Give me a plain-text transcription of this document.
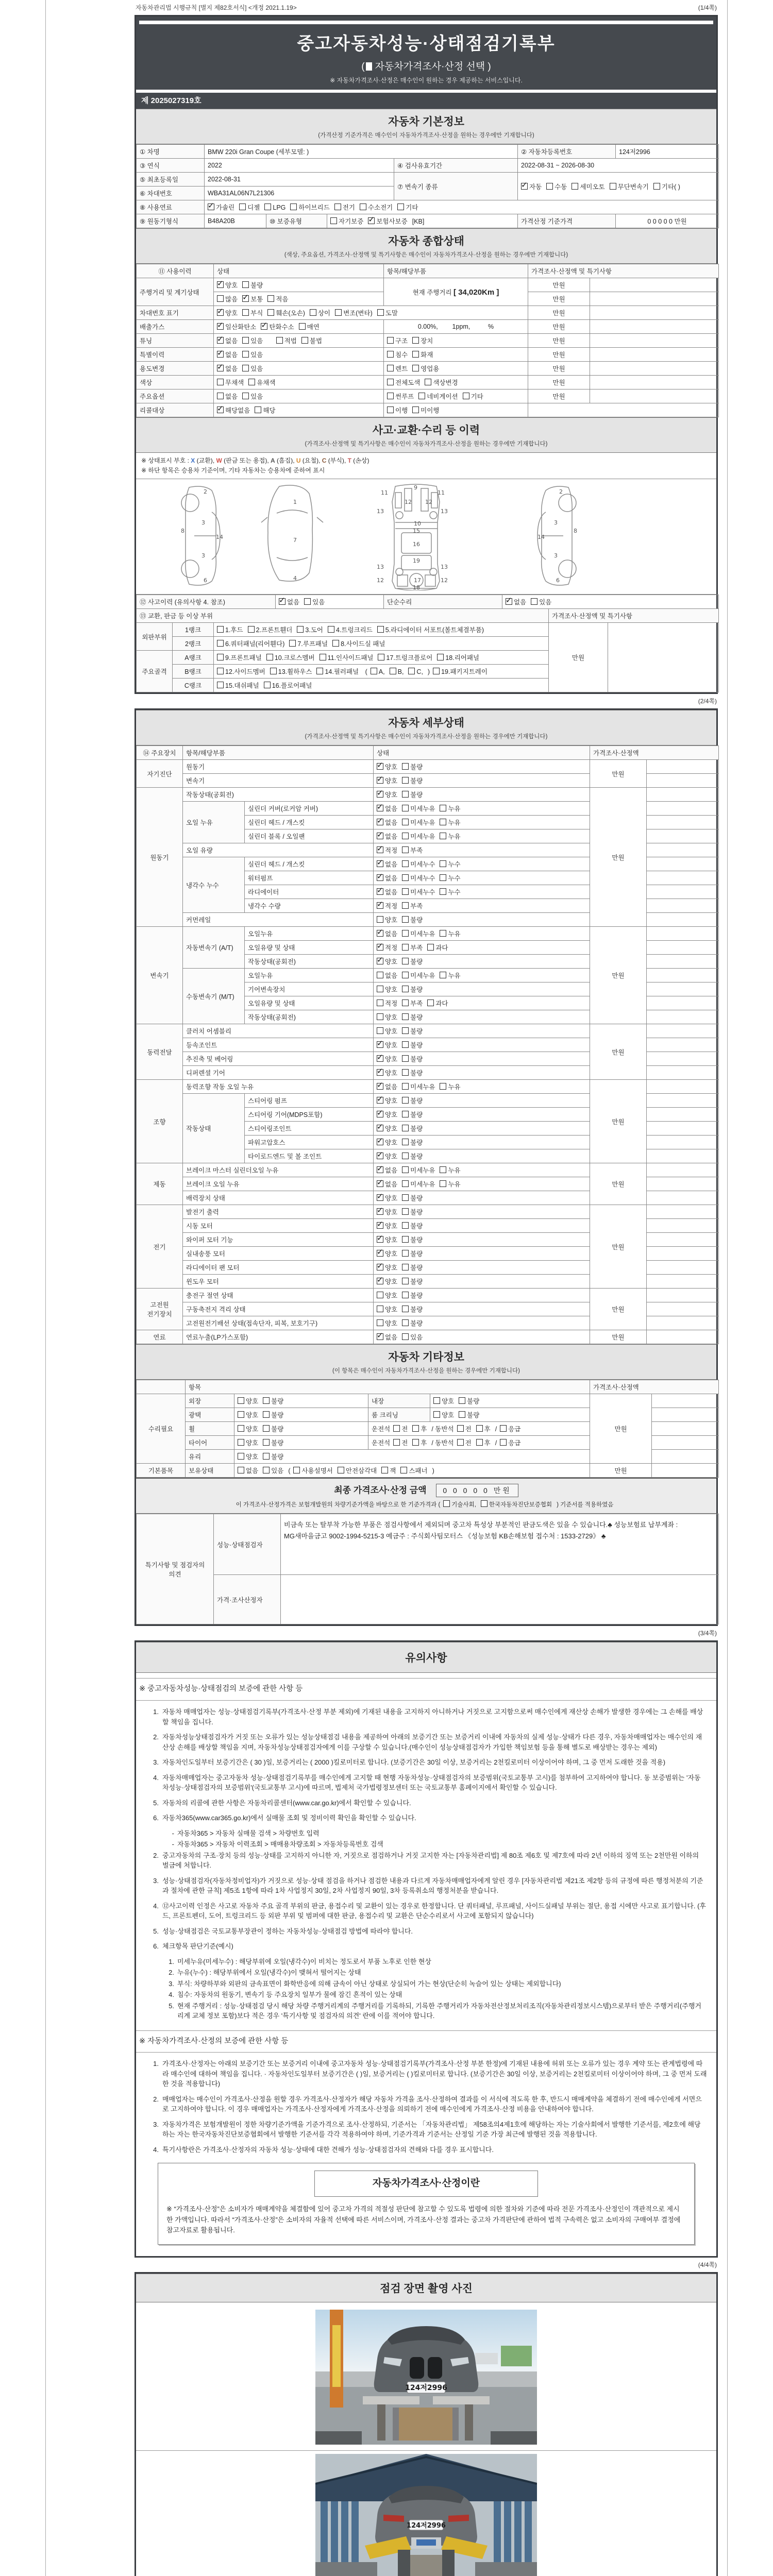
자동차관리법 시행규칙 [별지 제82호서식] <개정 2021.1.19>	(1/4쪽)
중고자동차성능·상태점검기록부
( 자동차가격조사·산정 선택 )
※ 자동차가격조사·산정은 매수인이 원하는 경우 제공하는 서비스입니다.
제 2025027319호
자동차 기본정보
(가격산정 기준가격은 매수인이 자동차가격조사·산정을 원하는 경우에만 기재합니다)
① 차명	BMW 220i Gran Coupe (세부모델: )		② 자동차등록번호	124저2996
③ 연식	2022	④ 검사유효기간	2022-08-31 ~ 2026-08-30	
⑤ 최초등록일	2022-08-31	⑦ 변속기 종류	✓자동 수동 세미오토 무단변속기 기타( )
⑥ 차대번호	WBA31AL06N7L21306			
⑧ 사용연료	✓가솔린 디젤 LPG 하이브리드 전기 수소전기 기타
⑨ 원동기형식	B48A20B	⑩ 보증유형	자기보증 ✓ 보험사보증 [KB]	가격산정 기준가격	0 0 0 0 0 만원
자동차 종합상태
(색상, 주요옵션, 가격조사·산정액 및 특기사항은 매수인이 자동차가격조사·산정을 원하는 경우에만 기재합니다)
⑪ 사용이력	상태	항목/해당부품	가격조사·산정액 및 특기사항	
주행거리 및 계기상태	✓양호 불량	현재 주행거리 [ 34,020Km ]	만원	
	많음 ✓ 보통 적음		만원	
차대번호 표기	✓양호 부식 훼손(오손) 상이 변조(변타) 도말		만원	
배출가스	✓일산화탄소 ✓ 탄화수소 매연	0.00%,        1ppm,          %	만원	
튜닝	✓없음 있음 적법 불법	구조 장치	만원	
특별이력	✓없음 있음	침수 화재	만원	
용도변경	✓없음 있음	렌트 영업용	만원	
색상	무채색 유채색	전체도색 색상변경	만원	
주요옵션	없음 있음	썬루프 네비게이션 기타	만원	
리콜대상	✓해당없음 해당	이행 미이행		
사고·교환·수리 등 이력
(가격조사·산정액 및 특기사항은 매수인이 자동차가격조사·산정을 원하는 경우에만 기재합니다)
※ 상태표시 부호 : X (교환), W (판금 또는 용접), A (흠집), U (요철), C (부식), T (손상)
※ 하단 항목은 승용차 기준이며, 기타 자동차는 승용차에 준하여 표시
2
8
3
3
14
6
1
7
4
11	11
13	13
12 12
9
10
15
16
19
13	13
12	12
17
18
2
8
3
3
14
6
⑫ 사고이력 (유의사항 4. 참조)	✓없음 있음	단순수리	✓없음 있음
⑬ 교환, 판금 등 이상 부위	가격조사·산정액 및 특기사항
외판부위	1랭크	1.후드 2.프론트휀더 3.도어 4.트렁크리드 5.라디에이터 서포트(볼트체결부품)	만원	
	2랭크	6.쿼터패널(리어휀다) 7.루프패널 8.사이드실 패널		
주요골격	A랭크	9.프론트패널 10.크로스멤버 11.인사이드패널 17.트렁크플로어 18.리어패널		
	B랭크	12.사이드멤버 13.휠하우스 14.필러패널 ( A, B, C, ) 19.패키지트레이		
	C랭크	15.대쉬패널 16.플로어패널		
(2/4쪽)
자동차 세부상태
(가격조사·산정액 및 특기사항은 매수인이 자동차가격조사·산정을 원하는 경우에만 기재합니다)
⑭ 주요장치	항목/해당부품		상태	가격조사·산정액	
자기진단	원동기	✓양호 불량	만원	
	변속기	✓양호 불량	
원동기	작동상태(공회전)	✓양호 불량	만원	
	오일 누유	실린더 커버(로커암 커버)	✓없음 미세누유 누유	
		실린더 헤드 / 개스킷	✓없음 미세누유 누유	
		실린더 블록 / 오일팬	✓없음 미세누유 누유	
	오일 유량	✓적정 부족	
	냉각수 누수	실린더 헤드 / 개스킷	✓없음 미세누수 누수	
		워터펌프	✓없음 미세누수 누수	
		라디에이터	✓없음 미세누수 누수	
		냉각수 수량	✓적정 부족	
	커먼레일		양호 불량		
변속기	자동변속기 (A/T)	오일누유	✓없음 미세누유 누유	만원	
		오일유량 및 상태	✓적정 부족 과다	
		작동상태(공회전)	✓양호 불량	
	수동변속기 (M/T)	오일누유	없음 미세누유 누유		
		기어변속장치	양호 불량		
		오일유량 및 상태	적정 부족 과다		
		작동상태(공회전)	양호 불량		
동력전달	클러치 어셈블리		양호 불량	만원	
	등속조인트	✓양호 불량	
	추진축 및 베어링	✓양호 불량	
	디퍼렌셜 기어	✓양호 불량	
조향	동력조향 작동 오일 누유	✓없음 미세누유 누유	만원	
	작동상태	스티어링 펌프	✓양호 불량	
		스티어링 기어(MDPS포함)	✓양호 불량	
		스티어링조인트	✓양호 불량	
		파워고압호스	✓양호 불량	
		타이로드엔드 및 볼 조인트	✓양호 불량	
제동	브레이크 마스터 실린더오일 누유	✓없음 미세누유 누유	만원	
	브레이크 오일 누유	✓없음 미세누유 누유	
	배력장치 상태	✓양호 불량	
전기	발전기 출력	✓양호 불량	만원	
	시동 모터	✓양호 불량	
	와이퍼 모터 기능	✓양호 불량	
	실내송풍 모터	✓양호 불량	
	라디에이터 팬 모터	✓양호 불량	
	윈도우 모터	✓양호 불량	
고전원 전기장치	충전구 절연 상태		양호 불량	만원	
	구동축전지 격리 상태		양호 불량		
	고전원전기배선 상태(접속단자, 피복, 보호기구)		양호 불량		
연료	연료누출(LP가스포함)	✓없음 있음	만원	
자동차 기타정보
(이 항목은 매수인이 자동차가격조사·산정을 원하는 경우에만 기재합니다)
	항목				가격조사·산정액	
수리필요	외장	양호 불량	내장	양호 불량	만원	
	광택	양호 불량	룸 크리닝	양호 불량		
	휠	양호 불량	운전석 전 후 / 동반석 전 후 / 응급			
	타이어	양호 불량	운전석 전 후 / 동반석 전 후 / 응급			
	유리	양호 불량				
기본품목	보유상태	없음 있음 ( 사용설명서 안전삼각대 잭 스패너 )			만원	
최종 가격조사·산정 금액 0 0 0 0 0 만원
이 가격조사·산정가격은 보험개발원의 차량기준가액을 바탕으로 한 기준가격과 ( 기술사회, 한국자동차진단보증협회 ) 기준서를 적용하였음
특기사항 및 점검자의 의견	성능·상태점검자	비금속 또는 탈부착 가능한 부품은 점검사항에서 제외되며 중고차 특성상 부분적인 판금도색은 있을 수 있습니다.♣ 성능보험료 납부계좌 : MG새마을금고 9002-1994-5215-3 예금주 : 주식회사팀모터스 《성능보험 KB손해보험 접수처 : 1533-2729》 ♣
	가격·조사산정자	
(3/4쪽)
유의사항
※ 중고자동차성능·상태점검의 보증에 관한 사항 등
1. 자동차 매매업자는 성능·상태점검기록부(가격조사·산정 부분 제외)에 기재된 내용을 고지하지 아니하거나 거짓으로 고지함으로써 매수인에게 재산상 손해가 발생한 경우에는 그 손해를 배상할 책임을 집니다.
2. 자동차성능상태점검자가 거짓 또는 오류가 있는 성능상태점검 내용을 제공하여 아래의 보증기간 또는 보증거리 이내에 자동차의 실제 성능·상태가 다른 경우, 자동차매매업자는 매수인의 재산상 손해를 배상할 책임을 지며, 자동차성능상태점검자에게 이를 구상할 수 있습니다.(매수인이 성능상태점검자가 가입한 책임보험 등을 통해 별도로 배상받는 경우는 제외)
3. 자동차인도일부터 보증기간은 ( 30 )일, 보증거리는 ( 2000 )킬로미터로 합니다. (보증기간은 30일 이상, 보증거리는 2천킬로미터 이상이어야 하며, 그 중 먼저 도래한 것을 적용)
4. 자동차매매업자는 중고자동차 성능·상태점검기록부를 매수인에게 고지할 때 현행 자동차성능·상태점검자의 보증범위(국토교통부 고시)를 첨부하여 고지하여야 합니다. 동 보증범위는 '자동차성능·상태점검자의 보증범위'(국토교통부 고시)에 따르며, 법제처 국가법령정보센터 또는 국토교통부 홈페이지에서 확인할 수 있습니다.
5. 자동차의 리콜에 관한 사항은 자동차리콜센터(www.car.go.kr)에서 확인할 수 있습니다.
6. 자동차365(www.car365.go.kr)에서 실매물 조회 및 정비이력 확인을 확인할 수 있습니다.
- 자동차365 > 자동차 실매물 검색 > 차량번호 입력
- 자동차365 > 자동차 이력조회 > 매매용차량조회 > 자동차등록번호 검색
2. 중고자동차의 구조·장치 등의 성능·상태를 고지하지 아니한 자, 거짓으로 점검하거나 거짓 고지한 자는 [자동차관리법] 제 80조 제6호 및 제7호에 따라 2년 이하의 징역 또는 2천만원 이하의 벌금에 처합니다.
3. 성능·상태점검자(자동차정비업자)가 거짓으로 성능·상태 점검을 하거나 점검한 내용과 다르게 자동차매매업자에게 알린 경우 [자동차관리법 제21조 제2항 등의 규정에 따른 행정처분의 기준과 절차에 관한 규칙] 제5조 1항에 따라 1차 사업정지 30일, 2차 사업정지 90일, 3차 등록취소의 행정처분을 받습니다.
4. ⑫사고이력 인정은 사고로 자동차 주요 골격 부위의 판금, 용접수리 및 교환이 있는 경우로 한정합니다. 단 쿼터패널, 루프패널, 사이드실패널 부위는 절단, 용접 시에만 사고로 표기합니다. (후드, 프론트펜더, 도어, 트렁크리드 등 외판 부위 및 범퍼에 대한 판금, 용접수리 및 교환은 단순수리로서 사고에 포함되지 않습니다)
5. 성능·상태점검은 국토교통부장관이 정하는 자동차성능·상태점검 방법에 따라야 합니다.
6. 체크항목 판단기준(예시)
1. 미세누유(미세누수) : 해당부위에 오일(냉각수)이 비치는 정도로서 부품 노후로 인한 현상
2. 누유(누수) : 해당부위에서 오일(냉각수)이 맺혀서 떨어지는 상태
3. 부식: 차량하부와 외판의 금속표면이 화학반응에 의해 금속이 아닌 상태로 상실되어 가는 현상(단순히 녹슬어 있는 상태는 제외합니다)
4. 침수: 자동차의 원동기, 변속기 등 주요장치 일부가 물에 잠긴 흔적이 있는 상태
5. 현재 주행거리 : 성능·상태점검 당시 해당 차량 주행거리계의 주행거리를 기록하되, 기록한 주행거리가 자동차전산정보처리조직(자동차관리정보시스템)으로부터 받은 주행거리(주행거리계 교체 정보 포함)보다 적은 경우 '특기사항 및 점검자의 의견' 란에 이를 적어야 합니다.
※ 자동차가격조사·산정의 보증에 관한 사항 등
1. 가격조사·산정자는 아래의 보증기간 또는 보증거리 이내에 중고자동차 성능·상태점검기록부(가격조사·산정 부분 한정)에 기재된 내용에 허위 또는 오류가 있는 경우 계약 또는 관계법령에 따라 매수인에 대하여 책임을 집니다. · 자동차인도일부터 보증기간은 ( )일, 보증거리는 ( )킬로미터로 합니다. (보증기간은 30일 이상, 보증거리는 2천킬로미터 이상이어야 하며, 그 중 먼저 도래한 것을 적용합니다)
2. 매매업자는 매수인이 가격조사·산정을 원할 경우 가격조사·산정자가 해당 자동차 가격을 조사·산정하여 결과를 이 서식에 적도록 한 후, 반드시 매매계약을 체결하기 전에 매수인에게 서면으로 고지하여야 합니다. 이 경우 매매업자는 가격조사·산정자에게 가격조사·산정을 의뢰하기 전에 매수인에게 가격조사·산정 비용을 안내하여야 합니다.
3. 자동차가격은 보험개발원이 정한 차량기준가액을 기준가격으로 조사·산정하되, 기준서는 「자동차관리법」 제58조의4제1호에 해당하는 자는 기술사회에서 발행한 기준서를, 제2호에 해당하는 자는 한국자동차진단보증협회에서 발행한 기준서를 각각 적용하여야 하며, 기준가격과 기준서는 산정일 기준 가장 최근에 발행된 것을 적용합니다.
4. 특기사항란은 가격조사·산정자의 자동차 성능·상태에 대한 견해가 성능·상태점검자의 견해와 다를 경우 표시합니다.
자동차가격조사·산정이란
※ “가격조사·산정”은 소비자가 매매계약을 체결함에 있어 중고차 가격의 적절성 판단에 참고할 수 있도록 법령에 의한 절차와 기준에 따라 전문 가격조사·산정인이 객관적으로 제시한 가액입니다. 따라서 “가격조사·산정”은 소비자의 자율적 선택에 따른 서비스이며, 가격조사·산정 결과는 중고차 가격판단에 관하여 법적 구속력은 없고 소비자의 구매여부 결정에 참고자료로 활용됩니다.
(4/4쪽)
점검 장면 촬영 사진
124저2996
124저2996
